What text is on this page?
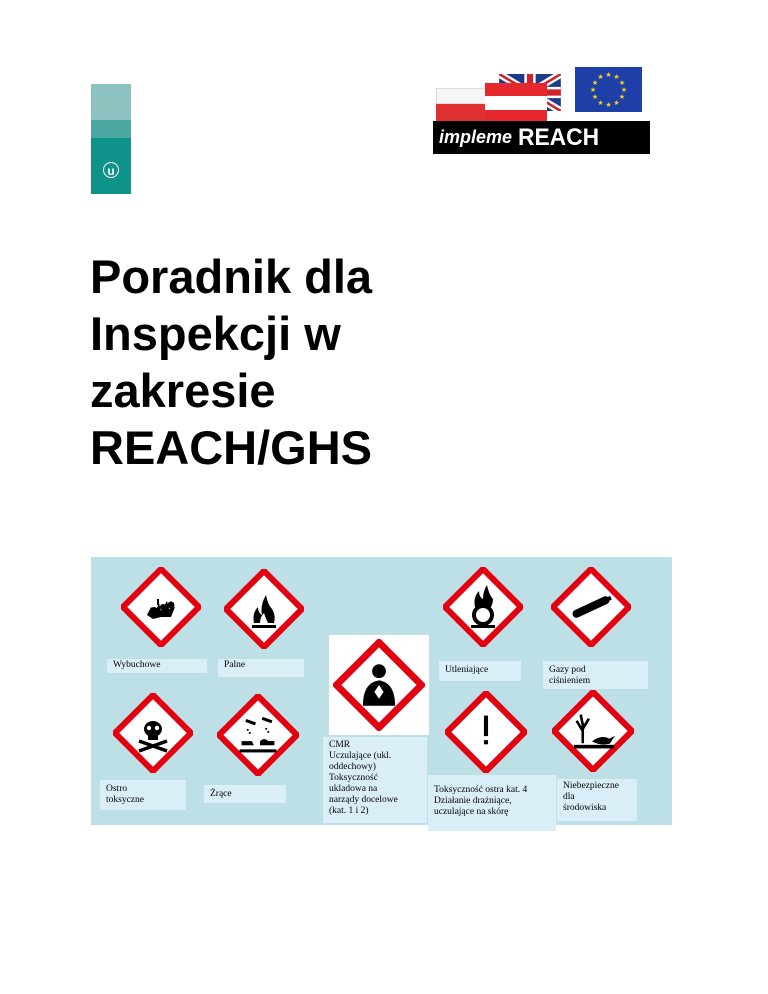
u
★ ★
★
★
★
★
★
★
★
★
★
★
impleme REACH
Poradnik dla
Inspekcji w
zakresie
REACH/GHS
Wybuchowe	Palne	Utleniające	Gazy pod
ciśnieniem
Ostro
toksyczne
Żrące
CMR
Uczulające (ukl.
oddechowy)
Toksyczność
ukladowa na
narządy docelowe
(kat. 1 i 2)
Toksyczność ostra kat. 4
Działanie drażniące,
uczulające na skórę
Niebezpieczne
dla
środowiska
